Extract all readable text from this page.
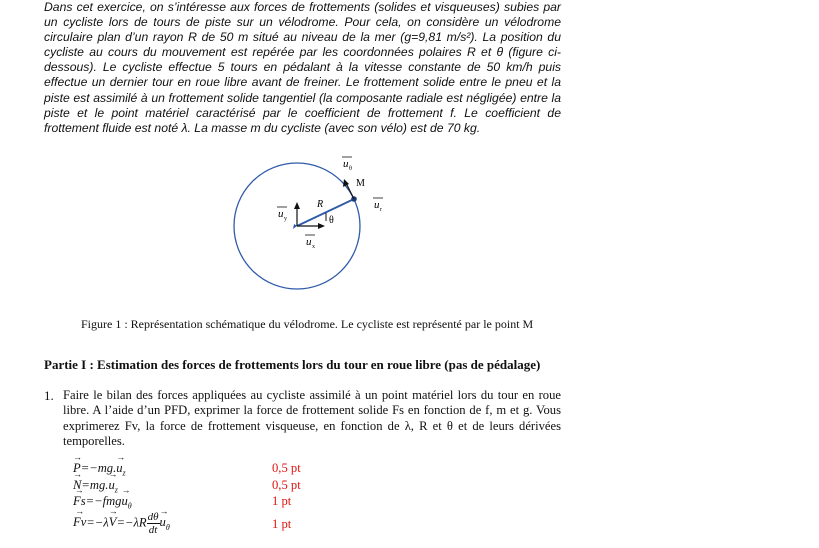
Dans cet exercice, on s’intéresse aux forces de frottements (solides et visqueuses) subies par un cycliste lors de tours de piste sur un vélodrome. Pour cela, on considère un vélodrome circulaire plan d’un rayon R de 50 m situé au niveau de la mer (g=9,81 m/s²). La position du cycliste au cours du mouvement est repérée par les coordonnées polaires R et θ (figure ci-dessous). Le cycliste effectue 5 tours en pédalant à la vitesse constante de 50 km/h puis effectue un dernier tour en roue libre avant de freiner. Le frottement solide entre le pneu et la piste est assimilé à un frottement solide tangentiel (la composante radiale est négligée) entre la piste et le point matériel caractérisé par le coefficient de frottement f. Le coefficient de frottement fluide est noté λ. La masse m du cycliste (avec son vélo) est de 70 kg.

R
θ
M
u θ
u r
u y
u x
Figure 1 : Représentation schématique du vélodrome. Le cycliste est représenté par le point M
Partie I : Estimation des forces de frottements lors du tour en roue libre (pas de pédalage)
1. Faire le bilan des forces appliquées au cycliste assimilé à un point matériel lors du tour en roue libre. A l’aide d’un PFD, exprimer la force de frottement solide Fs en fonction de f, m et g. Vous exprimerez Fv, la force de frottement visqueuse, en fonction de λ, R et θ et de leurs dérivées temporelles.

→ $P=-mg.\to u_z$	0,5 pt
→ $N=mg.\to u_z$	0,5 pt
→ $Fs=-fmg\to u_\theta$	1 pt
→ $Fv=-\lambda\to V=-\lambda R \frac{d\theta}{dt}$
→ $u_\theta$	1 pt
